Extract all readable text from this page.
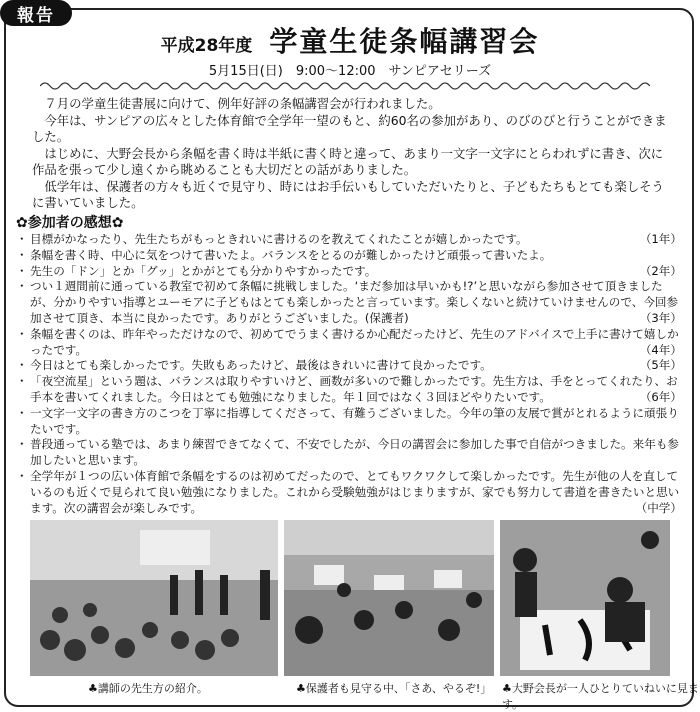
報告
平成28年度 学童生徒条幅講習会
5月15日(日)　9:00〜12:00　サンピアセリーズ

７月の学童生徒書展に向けて、例年好評の条幅講習会が行われました。

今年は、サンピアの広々とした体育館で全学年一望のもと、約60名の参加があり、のびのびと行うことができました。

はじめに、大野会長から条幅を書く時は半紙に書く時と違って、あまり一文字一文字にとらわれずに書き、次に作品を張って少し遠くから眺めることも大切だとの話がありました。

低学年は、保護者の方々も近くで見守り、時にはお手伝いもしていただいたりと、子どもたちもとても楽しそうに書いていました。

✿参加者の感想✿
・ 目標がかなったり、先生たちがもっときれいに書けるのを教えてくれたことが嬉しかったです。	（1年）
・ 条幅を書く時、中心に気をつけて書いたよ。バランスをとるのが難しかったけど頑張って書いたよ。
・ 先生の「ドン」とか「グッ」とかがとても分かりやすかったです。	（2年）
・ つい１週間前に通っている教室で初めて条幅に挑戦しました。‘まだ参加は早いかも!?’と思いながら参加させて頂きましたが、分かりやすい指導とユーモアに子どもはとても楽しかったと言っています。楽しくないと続けていけませんので、今回参加させて頂き、本当に良かったです。ありがとうございました。(保護者)	（3年）
・ 条幅を書くのは、昨年やっただけなので、初めてでうまく書けるか心配だったけど、先生のアドバイスで上手に書けて嬉しかったです。	（4年）
・ 今日はとても楽しかったです。失敗もあったけど、最後はきれいに書けて良かったです。	（5年）
・ 「夜空流星」という題は、バランスは取りやすいけど、画数が多いので難しかったです。先生方は、手をとってくれたり、お手本を書いてくれました。今日はとても勉強になりました。年１回ではなく３回ほどやりたいです。	（6年）
・ 一文字一文字の書き方のこつを丁寧に指導してくださって、有難うございました。今年の筆の友展で賞がとれるように頑張りたいです。
・ 普段通っている塾では、あまり練習できてなくて、不安でしたが、今日の講習会に参加した事で自信がつきました。来年も参加したいと思います。
・ 全学年が１つの広い体育館で条幅をするのは初めてだったので、とてもワクワクして楽しかったです。先生が他の人を直しているのも近くで見られて良い勉強になりました。これから受験勉強がはじまりますが、家でも努力して書道を書きたいと思います。次の講習会が楽しみです。	（中学）
♣講師の先生方の紹介。	♣保護者も見守る中、「さあ、やるぞ!」 ♣大野会長が一人ひとりていねいに見ます。
